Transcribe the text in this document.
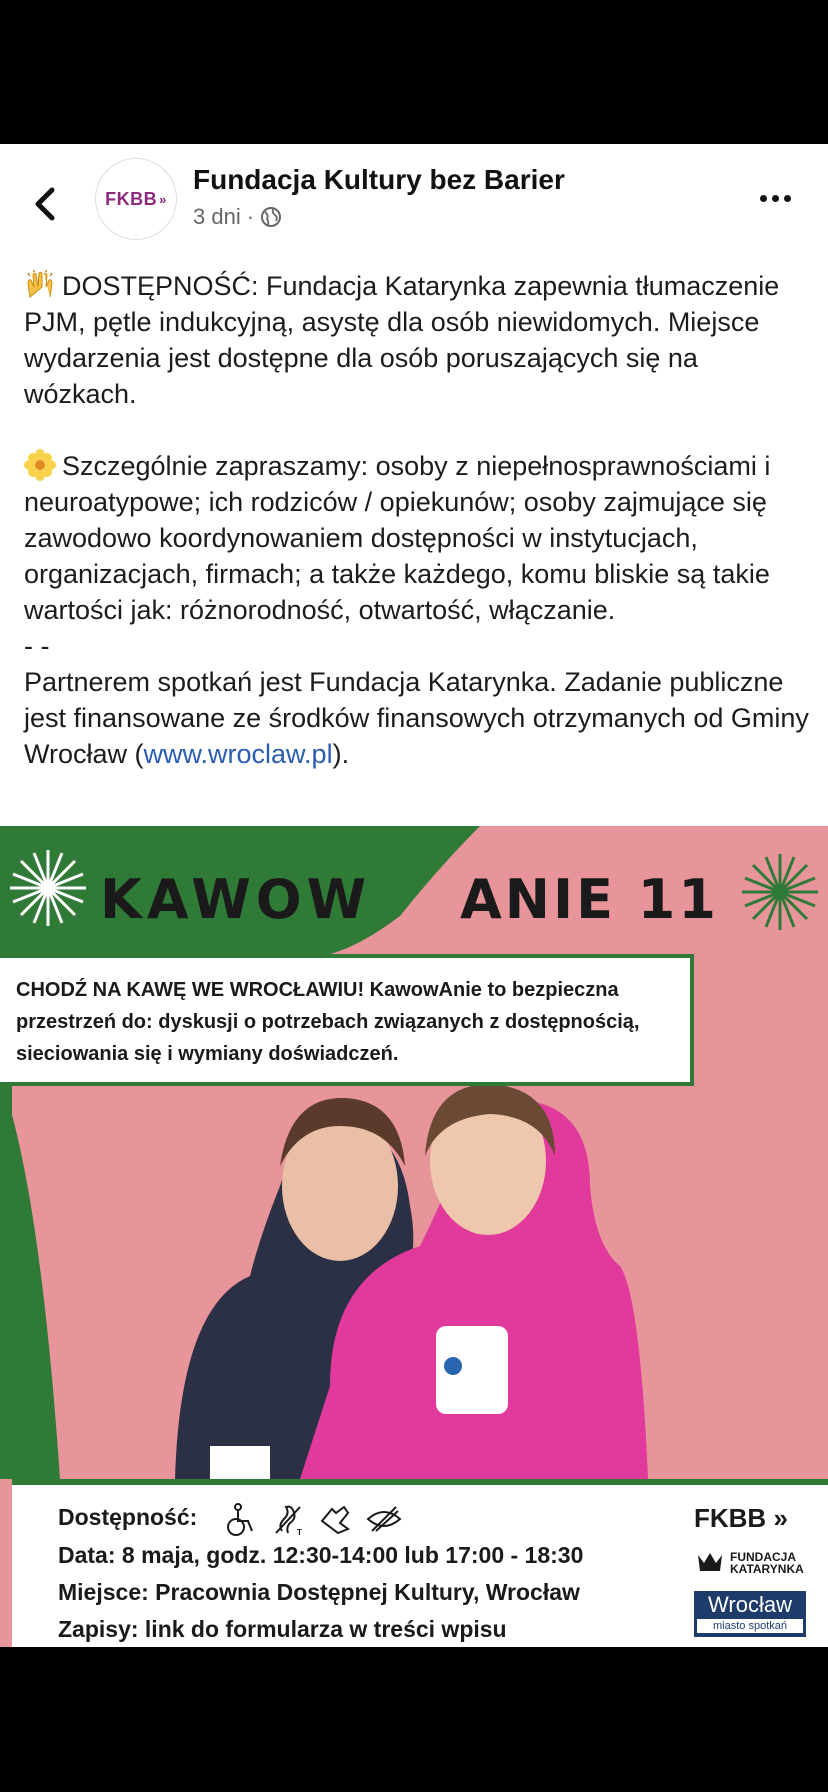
FKBB »
Fundacja Kultury bez Barier
3 dni ·

DOSTĘPNOŚĆ: Fundacja Katarynka zapewnia tłumaczenie PJM, pętle indukcyjną, asystę dla osób niewidomych. Miejsce wydarzenia jest dostępne dla osób poruszających się na wózkach.

Szczególnie zapraszamy: osoby z niepełnosprawnościami i neuroatypowe; ich rodziców / opiekunów; osoby zajmujące się zawodowo koordynowaniem dostępności w instytucjach, organizacjach, firmach; a także każdego, komu bliskie są takie wartości jak: różnorodność, otwartość, włączanie.

- -

Partnerem spotkań jest Fundacja Katarynka. Zadanie publiczne jest finansowane ze środków finansowych otrzymanych od Gminy Wrocław (www.wroclaw.pl).

KAWOW ANIE 11

CHODŹ NA KAWĘ WE WROCŁAWIU! KawowAnie to bezpieczna przestrzeń do: dyskusji o potrzebach związanych z dostępnością, sieciowania się i wymiany doświadczeń.

Dostępność:
T
Data: 8 maja, godz. 12:30-14:00 lub 17:00 - 18:30
Miejsce: Pracownia Dostępnej Kultury, Wrocław
Zapisy: link do formularza w treści wpisu
FKBB »
FUNDACJA
KATARYNKA
Wrocław
miasto spotkań
